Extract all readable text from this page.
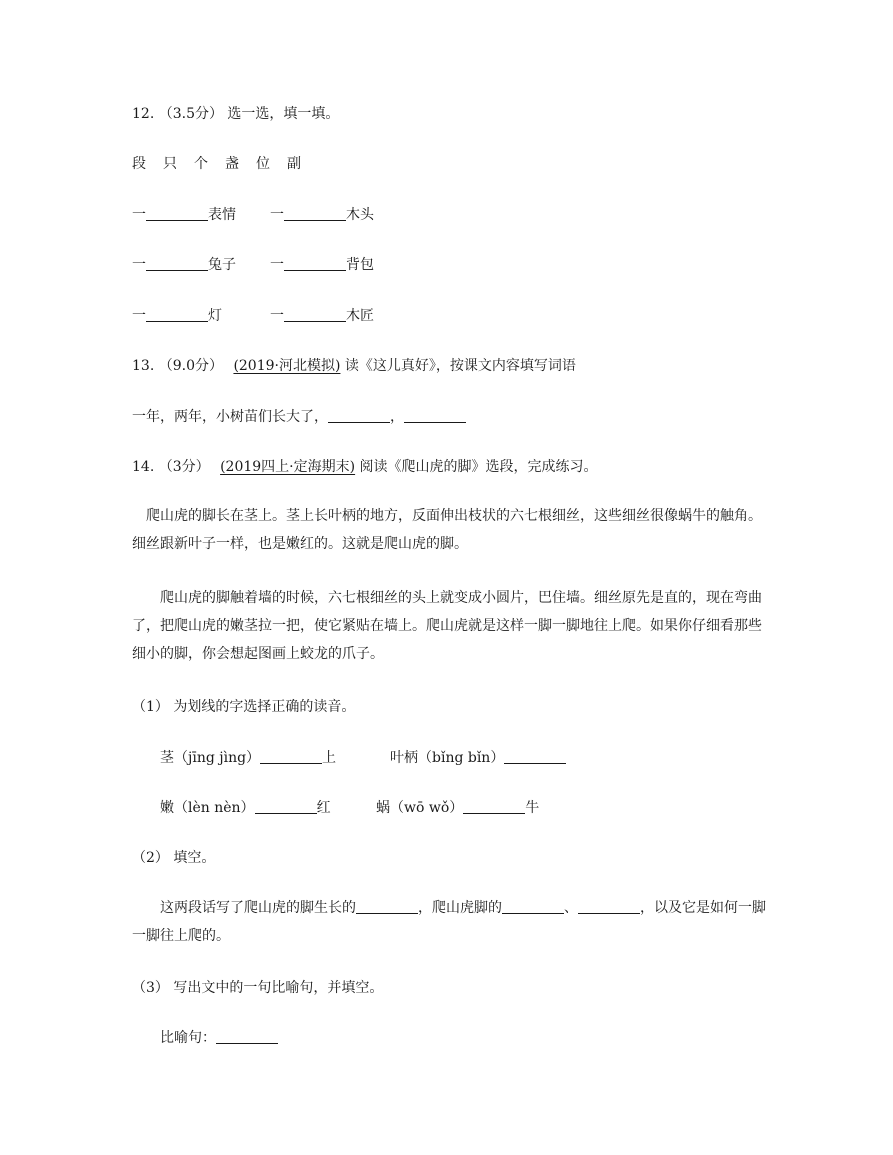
12. （3.5分） 选一选，填一填。
段 只 个 盏 位 副
一	表情 一	木头
一	兔子 一	背包
一	灯	一	木匠
13. （9.0分） (2019·河北模拟) 读《这儿真好》，按课文内容填写词语
一年，两年，小树苗们长大了，	，
14. （3分） (2019四上·定海期末) 阅读《爬山虎的脚》选段，完成练习。
爬山虎的脚长在茎上。茎上长叶柄的地方，反面伸出枝状的六七根细丝，这些细丝很像蜗牛的触角。细丝跟新叶子一样，也是嫩红的。这就是爬山虎的脚。
爬山虎的脚触着墙的时候，六七根细丝的头上就变成小圆片，巴住墙。细丝原先是直的，现在弯曲了，把爬山虎的嫩茎拉一把，使它紧贴在墙上。爬山虎就是这样一脚一脚地往上爬。如果你仔细看那些细小的脚，你会想起图画上蛟龙的爪子。
（1） 为划线的字选择正确的读音。
茎（jīng jìng）	上	叶柄（bǐng bǐn）
嫩（lèn nèn）	红	蜗（wō wǒ）	牛
（2） 填空。
这两段话写了爬山虎的脚生长的	，爬山虎脚的	、	，以及它是如何一脚一脚往上爬的。
（3） 写出文中的一句比喻句，并填空。
比喻句：
